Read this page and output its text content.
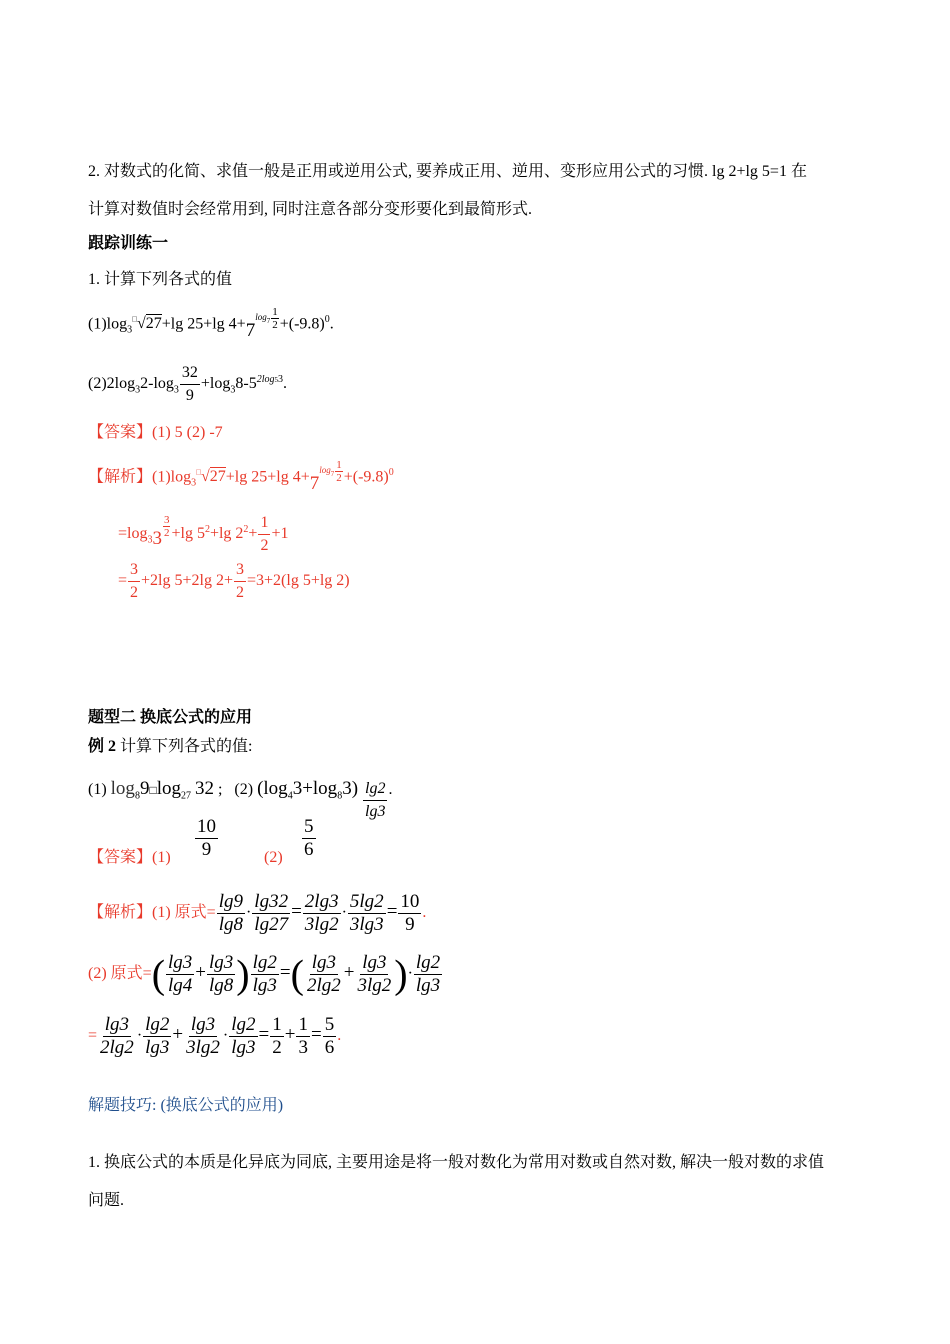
2. 对数式的化简、求值一般是正用或逆用公式, 要养成正用、逆用、变形应用公式的习惯. lg 2+lg 5=1 在
计算对数值时会经常用到, 同时注意各部分变形要化到最简形式.
跟踪训练一
1. 计算下列各式的值
$(1)\log_3^□√27+\lg$ 25+lg $4+7^{log}_7 \frac{1}{2} +(-9.8)^0$.
$(2)2\log_32-\log_3 \frac{32}{9} +\log_38-5^{2log53}$.
【答案】(1) 5 (2) -7
【解析】$(1)\log_3^□√27+\lg$ 25+lg $4+7^{log}_7 \frac{1}{2} +(-9.8)^0$
$=\log_33 \frac{3}{2} +\lg$ $5^2+\lg$ $2^2+ \frac{1}{2} +1$
= $\frac{3}{2} +2\lg$ 5+2lg $2+ \frac{3}{2} =3+2(\lg$ 5+lg 2)
题型二 换底公式的应用
例 2 计算下列各式的值:
(1) $\log_89□\log_{27}$ 32 ; (2) $(\log_43+\log_83) \frac{\lg 2}{\lg 3}$ .
【答案】$(1) \frac{10}{9}$	$(2) \frac{5}{6}$
【解析】(1) 原式= $\frac{\lg 9}{\lg 8} \cdot \frac{\lg 32}{\lg 27} = \frac{2\lg 3}{3\lg 2} \cdot \frac{5\lg 2}{3\lg 3} = \frac{10}{9}$ .
(2) 原式=( $\frac{\lg 3}{\lg 4} + \frac{\lg 3}{\lg 8}$ ) $\frac{\lg 2}{\lg 3}$ =( $\frac{\lg 3}{2\lg 2} + \frac{\lg 3}{3\lg 2}$ )· $\frac{\lg 2}{\lg 3}$
= $\frac{\lg 3}{2\lg 2} \cdot \frac{\lg 2}{\lg 3} + \frac{\lg 3}{3\lg 2} \cdot \frac{\lg 2}{\lg 3} = \frac{1}{2} + \frac{1}{3} = \frac{5}{6}$ .
解题技巧: (换底公式的应用)
1. 换底公式的本质是化异底为同底, 主要用途是将一般对数化为常用对数或自然对数, 解决一般对数的求值
问题.
